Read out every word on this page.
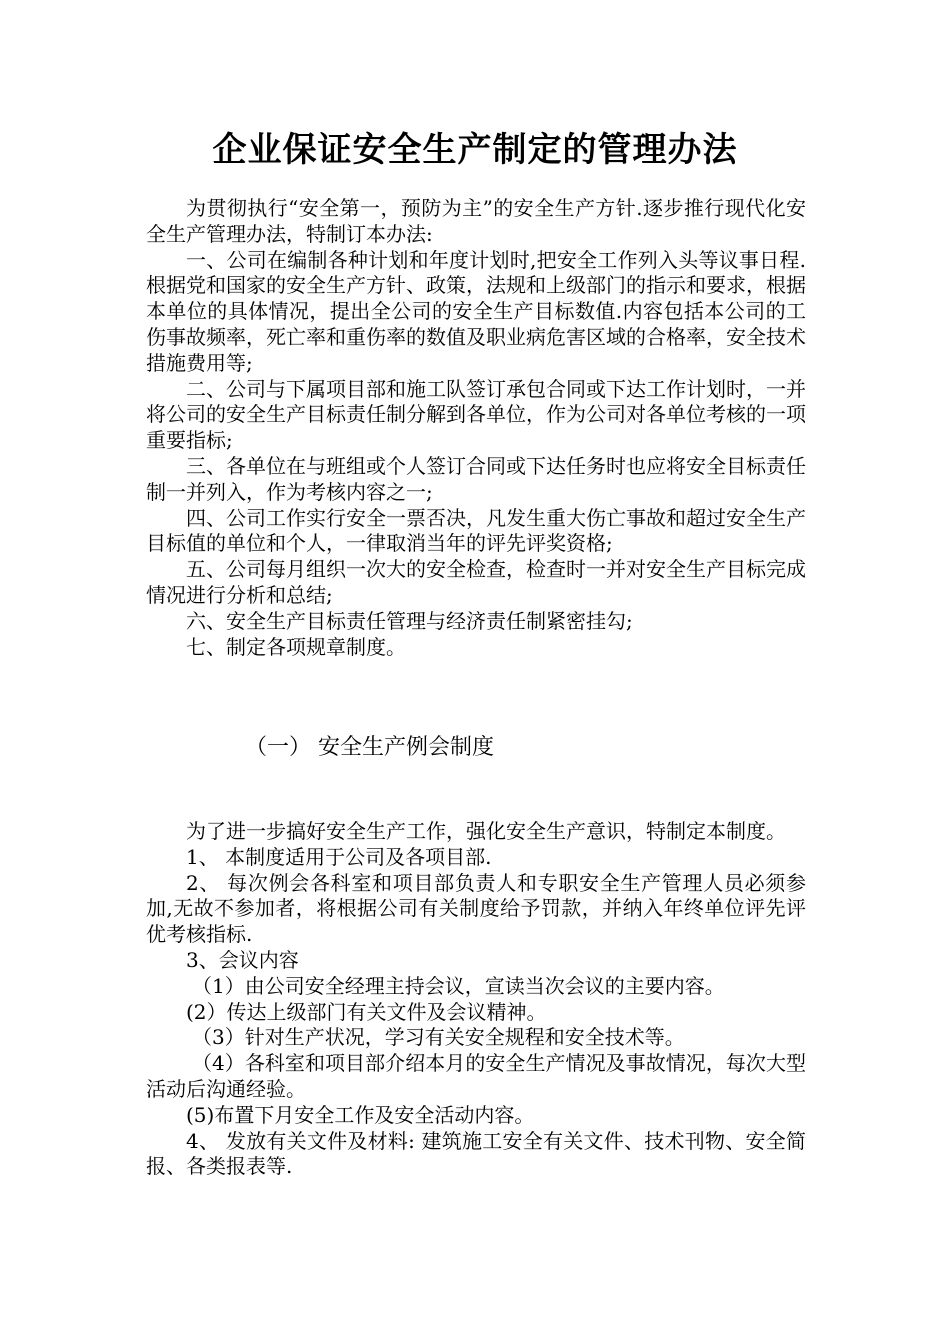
企业保证安全生产制定的管理办法

为贯彻执行“安全第一，预防为主”的安全生产方针.逐步推行现代化安全生产管理办法，特制订本办法:

一、公司在编制各种计划和年度计划时,把安全工作列入头等议事日程.根据党和国家的安全生产方针、政策，法规和上级部门的指示和要求，根据本单位的具体情况，提出全公司的安全生产目标数值.内容包括本公司的工伤事故频率，死亡率和重伤率的数值及职业病危害区域的合格率，安全技术措施费用等;

二、公司与下属项目部和施工队签订承包合同或下达工作计划时，一并将公司的安全生产目标责任制分解到各单位，作为公司对各单位考核的一项重要指标;

三、各单位在与班组或个人签订合同或下达任务时也应将安全目标责任制一并列入，作为考核内容之一;

四、公司工作实行安全一票否决，凡发生重大伤亡事故和超过安全生产目标值的单位和个人，一律取消当年的评先评奖资格;

五、公司每月组织一次大的安全检查，检查时一并对安全生产目标完成情况进行分析和总结;

六、安全生产目标责任管理与经济责任制紧密挂勾;

七、制定各项规章制度。

（一） 安全生产例会制度

为了进一步搞好安全生产工作，强化安全生产意识，特制定本制度。

1、 本制度适用于公司及各项目部.

2、 每次例会各科室和项目部负责人和专职安全生产管理人员必须参加,无故不参加者，将根据公司有关制度给予罚款，并纳入年终单位评先评优考核指标.

3、会议内容

（1）由公司安全经理主持会议，宣读当次会议的主要内容。

(2）传达上级部门有关文件及会议精神。

（3）针对生产状况，学习有关安全规程和安全技术等。

（4）各科室和项目部介绍本月的安全生产情况及事故情况，每次大型活动后沟通经验。

(5)布置下月安全工作及安全活动内容。

4、 发放有关文件及材料: 建筑施工安全有关文件、技术刊物、安全简报、各类报表等.
